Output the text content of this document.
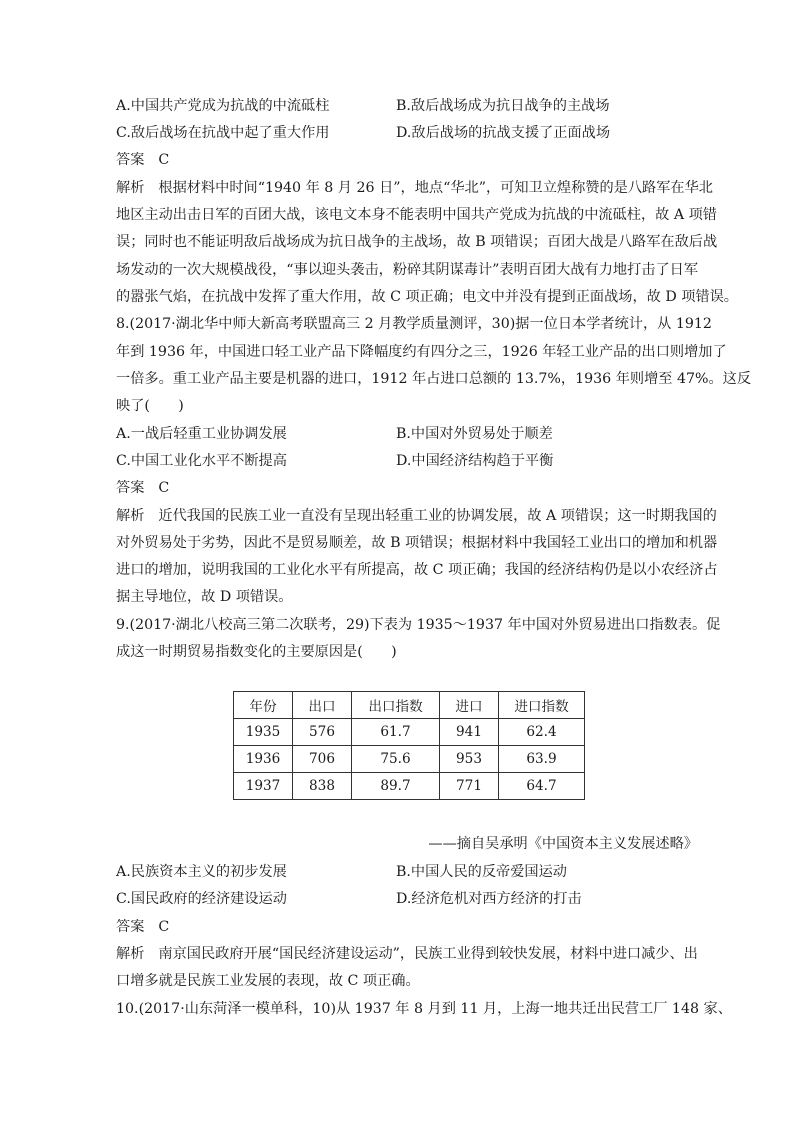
A.中国共产党成为抗战的中流砥柱	B.敌后战场成为抗日战争的主战场
C.敌后战场在抗战中起了重大作用	D.敌后战场的抗战支援了正面战场
答案 C
解析 根据材料中时间“1940 年 8 月 26 日”，地点“华北”，可知卫立煌称赞的是八路军在华北
地区主动出击日军的百团大战，该电文本身不能表明中国共产党成为抗战的中流砥柱，故 A 项错
误；同时也不能证明敌后战场成为抗日战争的主战场，故 B 项错误；百团大战是八路军在敌后战
场发动的一次大规模战役，“事以迎头袭击，粉碎其阴谋毒计”表明百团大战有力地打击了日军
的嚣张气焰，在抗战中发挥了重大作用，故 C 项正确；电文中并没有提到正面战场，故 D 项错误。
8.(2017·湖北华中师大新高考联盟高三 2 月教学质量测评，30)据一位日本学者统计，从 1912
年到 1936 年，中国进口轻工业产品下降幅度约有四分之三，1926 年轻工业产品的出口则增加了
一倍多。重工业产品主要是机器的进口，1912 年占进口总额的 13.7%，1936 年则增至 47%。这反
映了(　　)
A.一战后轻重工业协调发展	B.中国对外贸易处于顺差
C.中国工业化水平不断提高	D.中国经济结构趋于平衡
答案 C
解析 近代我国的民族工业一直没有呈现出轻重工业的协调发展，故 A 项错误；这一时期我国的
对外贸易处于劣势，因此不是贸易顺差，故 B 项错误；根据材料中我国轻工业出口的增加和机器
进口的增加，说明我国的工业化水平有所提高，故 C 项正确；我国的经济结构仍是以小农经济占
据主导地位，故 D 项错误。
9.(2017·湖北八校高三第二次联考，29)下表为 1935～1937 年中国对外贸易进出口指数表。促
成这一时期贸易指数变化的主要原因是(　　)
年份	出口	出口指数	进口	进口指数
1935	576	61.7	941	62.4
1936	706	75.6	953	63.9
1937	838	89.7	771	64.7
——摘自吴承明《中国资本主义发展述略》
A.民族资本主义的初步发展	B.中国人民的反帝爱国运动
C.国民政府的经济建设运动	D.经济危机对西方经济的打击
答案 C
解析 南京国民政府开展“国民经济建设运动”，民族工业得到较快发展，材料中进口减少、出
口增多就是民族工业发展的表现，故 C 项正确。
10.(2017·山东菏泽一模单科，10)从 1937 年 8 月到 11 月，上海一地共迁出民营工厂 148 家、
